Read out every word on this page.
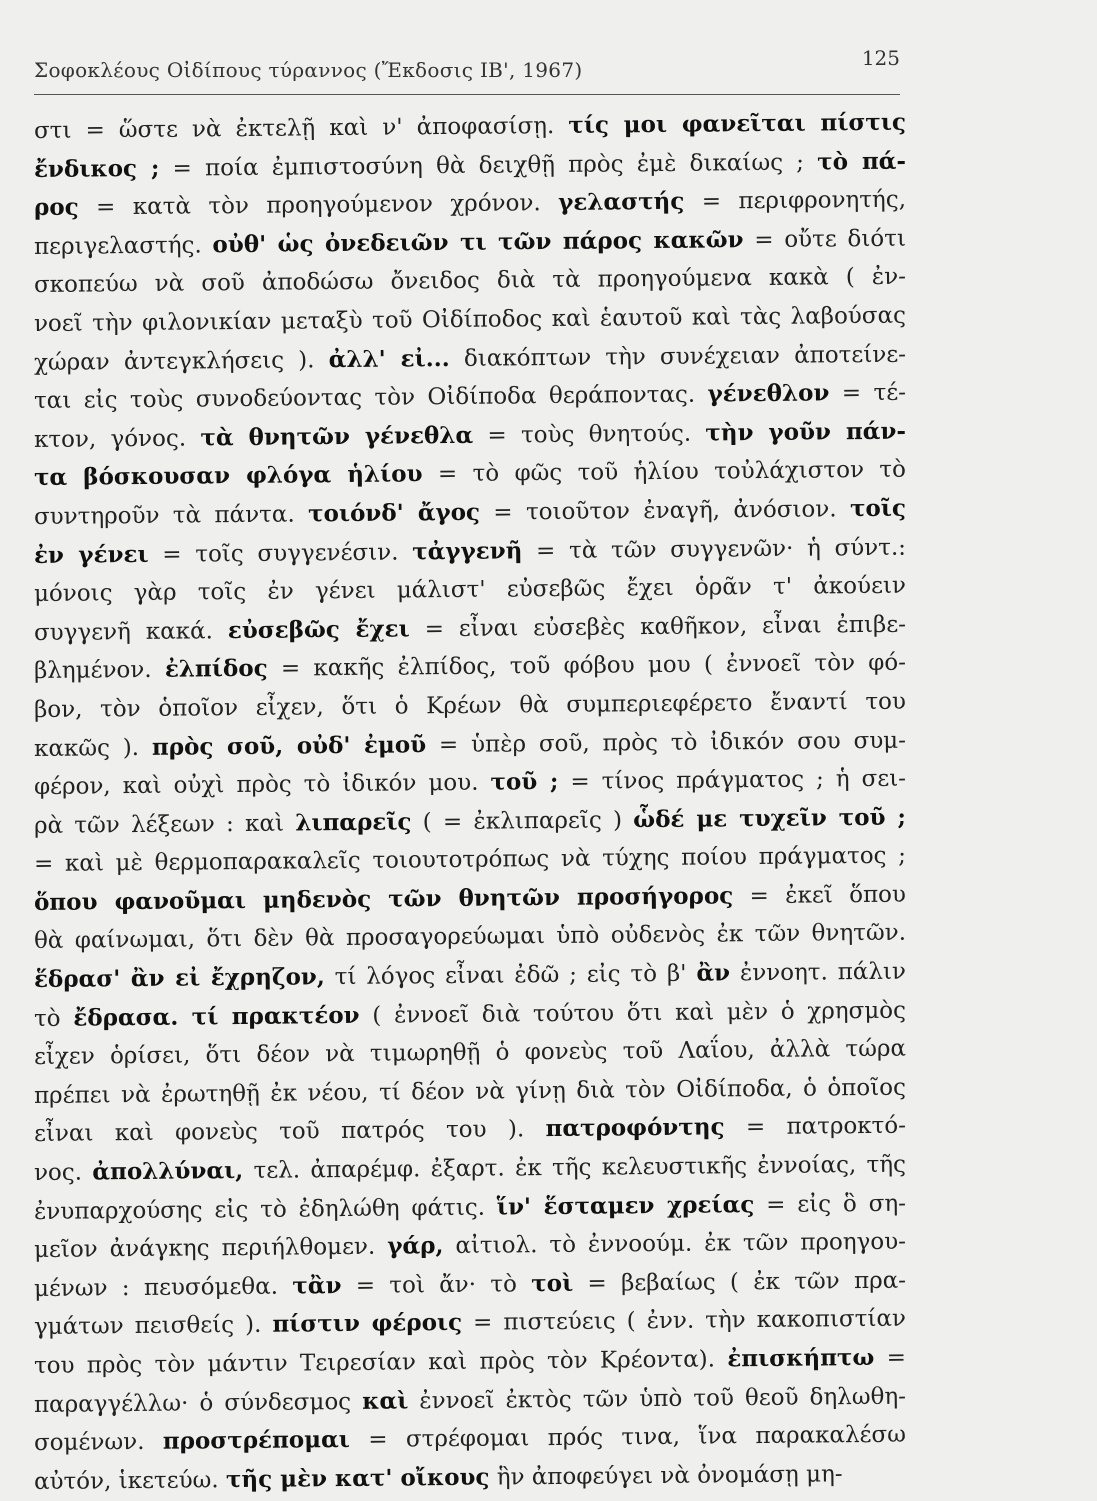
Σοφοκλέους Οἰδίπους τύραννος (Ἔκδοσις ΙΒ', 1967)	125
στι = ὥστε νὰ ἐκτελῇ καὶ ν' ἀποφασίσῃ. τίς μοι φανεῖται πίστις
ἔνδικος ; = ποία ἐμπιστοσύνη θὰ δειχθῇ πρὸς ἐμὲ δικαίως ; τὸ πά-
ρος = κατὰ τὸν προηγούμενον χρόνον. γελαστής = περιφρονητής,
περιγελαστής. οὐθ' ὡς ὀνεδειῶν τι τῶν πάρος κακῶν = οὔτε διότι
σκοπεύω νὰ σοῦ ἀποδώσω ὄνειδος διὰ τὰ προηγούμενα κακὰ ( ἐν-
νοεῖ τὴν φιλονικίαν μεταξὺ τοῦ Οἰδίποδος καὶ ἑαυτοῦ καὶ τὰς λαβούσας
χώραν ἀντεγκλήσεις ). ἀλλ' εἰ... διακόπτων τὴν συνέχειαν ἀποτείνε-
ται εἰς τοὺς συνοδεύοντας τὸν Οἰδίποδα θεράποντας. γένεθλον = τέ-
κτον, γόνος. τὰ θνητῶν γένεθλα = τοὺς θνητούς. τὴν γοῦν πάν-
τα βόσκουσαν φλόγα ἡλίου = τὸ φῶς τοῦ ἡλίου τοὐλάχιστον τὸ
συντηροῦν τὰ πάντα. τοιόνδ' ἄγος = τοιοῦτον ἐναγῆ, ἀνόσιον. τοῖς
ἐν γένει = τοῖς συγγενέσιν. τἀγγενῆ = τὰ τῶν συγγενῶν· ἡ σύντ.:
μόνοις γὰρ τοῖς ἐν γένει μάλιστ' εὐσεβῶς ἔχει ὁρᾶν τ' ἀκούειν
συγγενῆ κακά. εὐσεβῶς ἔχει = εἶναι εὐσεβὲς καθῆκον, εἶναι ἐπιβε-
βλημένον. ἐλπίδος = κακῆς ἐλπίδος, τοῦ φόβου μου ( ἐννοεῖ τὸν φό-
βον, τὸν ὁποῖον εἶχεν, ὅτι ὁ Κρέων θὰ συμπεριεφέρετο ἔναντί του
κακῶς ). πρὸς σοῦ, οὐδ' ἐμοῦ = ὑπὲρ σοῦ, πρὸς τὸ ἰδικόν σου συμ-
φέρον, καὶ οὐχὶ πρὸς τὸ ἰδικόν μου. τοῦ ; = τίνος πράγματος ; ἡ σει-
ρὰ τῶν λέξεων : καὶ λιπαρεῖς ( = ἐκλιπαρεῖς ) ὧδέ με τυχεῖν τοῦ ;
= καὶ μὲ θερμοπαρακαλεῖς τοιουτοτρόπως νὰ τύχης ποίου πράγματος ;
ὅπου φανοῦμαι μηδενὸς τῶν θνητῶν προσήγορος = ἐκεῖ ὅπου
θὰ φαίνωμαι, ὅτι δὲν θὰ προσαγορεύωμαι ὑπὸ οὐδενὸς ἐκ τῶν θνητῶν.
ἕδρασ' ἂν εἰ ἔχρηζον, τί λόγος εἶναι ἐδῶ ; εἰς τὸ β' ἂν ἐννοητ. πάλιν
τὸ ἔδρασα. τί πρακτέον ( ἐννοεῖ διὰ τούτου ὅτι καὶ μὲν ὁ χρησμὸς
εἶχεν ὁρίσει, ὅτι δέον νὰ τιμωρηθῇ ὁ φονεὺς τοῦ Λαΐου, ἀλλὰ τώρα
πρέπει νὰ ἐρωτηθῇ ἐκ νέου, τί δέον νὰ γίνῃ διὰ τὸν Οἰδίποδα, ὁ ὁποῖος
εἶναι καὶ φονεὺς τοῦ πατρός του ). πατροφόντης = πατροκτό-
νος. ἀπολλύναι, τελ. ἀπαρέμφ. ἐξαρτ. ἐκ τῆς κελευστικῆς ἐννοίας, τῆς
ἐνυπαρχούσης εἰς τὸ ἐδηλώθη φάτις. ἵν' ἕσταμεν χρείας = εἰς ὃ ση-
μεῖον ἀνάγκης περιήλθομεν. γάρ, αἰτιολ. τὸ ἐννοούμ. ἐκ τῶν προηγου-
μένων : πευσόμεθα. τἂν = τοὶ ἄν· τὸ τοὶ = βεβαίως ( ἐκ τῶν πρα-
γμάτων πεισθείς ). πίστιν φέροις = πιστεύεις ( ἐνν. τὴν κακοπιστίαν
του πρὸς τὸν μάντιν Τειρεσίαν καὶ πρὸς τὸν Κρέοντα). ἐπισκήπτω =
παραγγέλλω· ὁ σύνδεσμος καὶ ἐννοεῖ ἐκτὸς τῶν ὑπὸ τοῦ θεοῦ δηλωθη-
σομένων. προστρέπομαι = στρέφομαι πρός τινα, ἵνα παρακαλέσω
αὐτόν, ἱκετεύω. τῆς μὲν κατ' οἴκους ἣν ἀποφεύγει νὰ ὀνομάσῃ μη-
